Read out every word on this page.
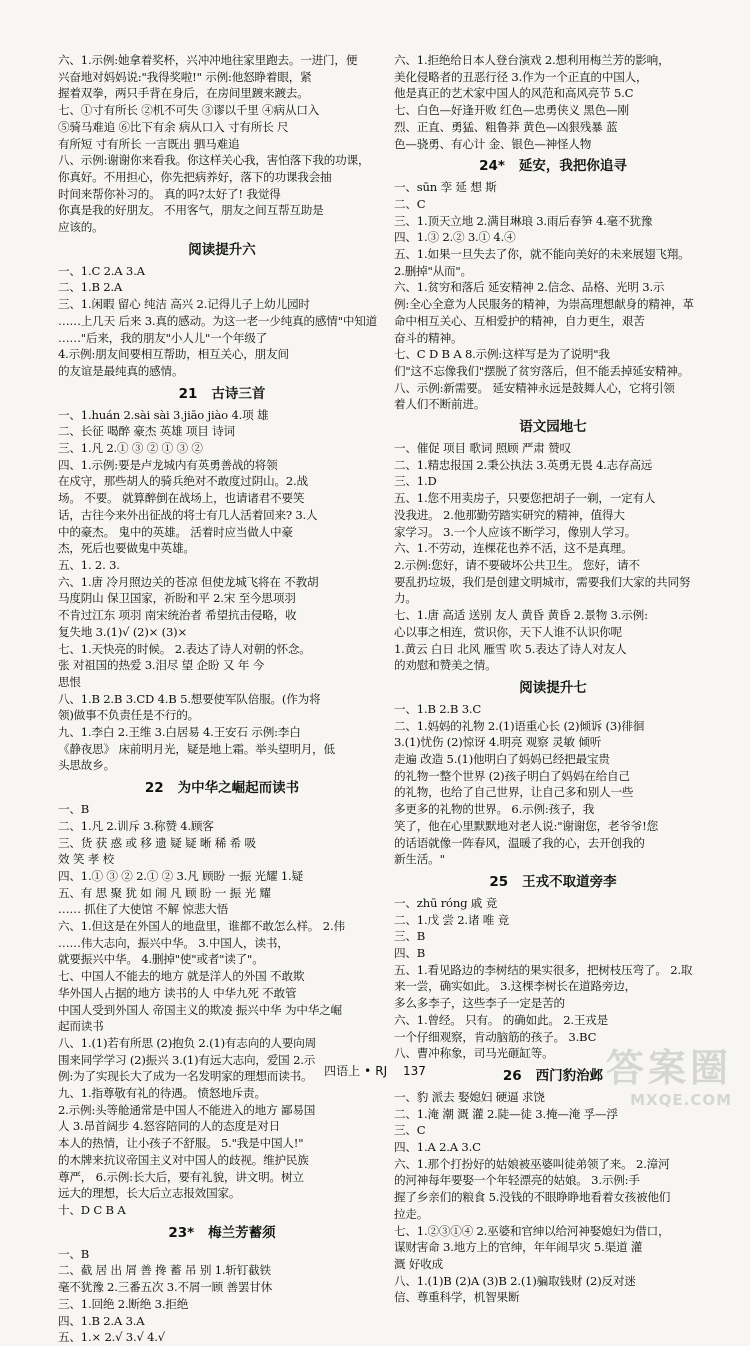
六、1.示例:她拿着奖杯，兴冲冲地往家里跑去。一进门，便
兴奋地对妈妈说:"我得奖啦!" 示例:他怒睁着眼，紧
握着双拳，两只手背在身后，在房间里踱来踱去。
七、①寸有所长 ②机不可失 ③谬以千里 ④病从口入
⑤骑马难追 ⑥比下有余 病从口入 寸有所长 尺
有所短 寸有所长 一言既出 驷马难追
八、示例:谢谢你来看我。你这样关心我，害怕落下我的功课，
你真好。不用担心，你先把病养好，落下的功课我会抽
时间来帮你补习的。 真的吗?太好了! 我觉得
你真是我的好朋友。 不用客气，朋友之间互帮互助是
应该的。
阅读提升六
一、1.C 2.A 3.A
二、1.B 2.A
三、1.闲暇 留心 纯洁 高兴 2.记得儿子上幼儿园时
……上几天 后来 3.真的感动。为这一老一少纯真的感情"中知道
……"后来，我的朋友"小人儿"一个年级了
4.示例:朋友间要相互帮助，相互关心，朋友间
的友谊是最纯真的感情。
21 古诗三首
一、1.huán 2.sài sài 3.jiāo jiào 4.项 雄
二、长征 喝醉 豪杰 英雄 项目 诗词
三、1.凡 2.① ③ ② ① ③ ②
四、1.示例:要是卢龙城内有英勇善战的将领
在戍守，那些胡人的骑兵绝对不敢度过阴山。2.战
场。 不要。 就算醉倒在战场上，也请诸君不要笑
话，古往今来外出征战的将士有几人活着回来? 3.人
中的豪杰。 鬼中的英雄。 活着时应当做人中豪
杰，死后也要做鬼中英雄。
五、1. 2. 3.
六、1.唐 冷月照边关的苍凉 但使龙城飞将在 不教胡
马度阴山 保卫国家，祈盼和平 2.宋 至今思项羽
不肯过江东 项羽 南宋统治者 希望抗击侵略，收
复失地 3.(1)√ (2)× (3)×
七、1.天快亮的时候。 2.表达了诗人对朝的怀念。
张 对祖国的热爱 3.泪尽 望 企盼 又 年 今
思恨
八、1.B 2.B 3.CD 4.B 5.想要使军队倍服。(作为将
领)做事不负责任是不行的。
九、1.李白 2.王维 3.白居易 4.王安石 示例:李白
《静夜思》 床前明月光，疑是地上霜。举头望明月，低
头思故乡。
22 为中华之崛起而读书
一、B
二、1.凡 2.训斥 3.称赞 4.顾客
三、货 获 惑 或 移 遗 疑 疑 晰 稀 希 吸
效 笑 孝 校
四、1.① ③ ② 2.① ② 3.凡 顾盼 一振 光耀 1.疑
五、有 思 聚 犹 如 闹 凡 顾 盼 一 振 光 耀
…… 抓住了大使馆 不解 惊悲大悟
六、1.但这是在外国人的地盘里，谁都不敢怎么样。 2.伟
……伟大志向，振兴中华。 3.中国人，读书，
就要振兴中华。 4.删掉"使"或者"读了"。
七、中国人不能去的地方 就是洋人的外国 不敢欺
华外国人占据的地方 读书的人 中华九死 不敢管
中国人受到外国人 帝国主义的欺凌 振兴中华 为中华之崛
起而读书
八、1.(1)若有所思 (2)抱负 2.(1)有志向的人要向周
围来同学学习 (2)振兴 3.(1)有远大志向，爱国 2.示
例:为了实现长大了成为一名发明家的理想而读书。
九、1.指尊敬有礼的待遇。 愤怒地斥责。
2.示例:头等舱通常是中国人不能进入的地方 鄙易国
人 3.昂首阔步 4.怒容陪同的人的态度是对日
本人的热情，让小孩子不舒服。 5."我是中国人!"
的木牌来抗议帝国主义对中国人的歧视。维护民族
尊严， 6.示例:长大后，要有礼貌，讲文明。树立
远大的理想，长大后立志报效国家。
十、D C B A
23* 梅兰芳蓄须
一、B
二、截 居 出 屑 善 搀 蓄 吊 别 1.斩钉截铁
毫不犹豫 2.三番五次 3.不屑一顾 善罢甘休
三、1.回绝 2.断绝 3.拒绝
四、1.B 2.A 3.A
五、1.× 2.√ 3.√ 4.√
六、1.拒绝给日本人登台演戏 2.想利用梅兰芳的影响，
美化侵略者的丑恶行径 3.作为一个正直的中国人，
他是真正的艺术家中国人的风范和高风亮节 5.C
七、白色—好逢开败 红色—忠勇侠义 黑色—刚
烈、正直、勇猛、粗鲁莽 黄色—凶狠残暴 蓝
色—骁勇、有心计 金、银色—神怪人物
24* 延安，我把你追寻
一、sūn 孪 延 想 斯
二、C
三、1.顶天立地 2.满目琳琅 3.雨后春笋 4.毫不犹豫
四、1.③ 2.② 3.① 4.④
五、1.如果一旦失去了你，就不能向美好的未来展翅飞翔。
2.删掉"从而"。
六、1.贫穷和落后 延安精神 2.信念、品格、光明 3.示
例:全心全意为人民服务的精神，为崇高理想献身的精神，革
命中相互关心、互相爱护的精神，自力更生，艰苦
奋斗的精神。
七、C D B A 8.示例:这样写是为了说明"我
们"这不忘像我们"摆脱了贫穷落后，但不能丢掉延安精神。
八、示例:新需要。 延安精神永远是鼓舞人心，它将引领
着人们不断前进。
语文园地七
一、催促 项目 歌词 照顾 严肃 赞叹
二、1.精忠报国 2.秉公执法 3.英勇无畏 4.志存高远
三、1.D
五、1.您不用卖房子，只要您把胡子一剃，一定有人
没我进。 2.他那勤劳踏实研究的精神，值得大
家学习。 3.一个人应该不断学习，像别人学习。
六、1.不劳动，连棵花也养不活，这不是真理。
2.示例:您好，请不要破坏公共卫生。 您好，请不
要乱扔垃圾，我们是创建文明城市，需要我们大家的共同努
力。
七、1.唐 高适 送别 友人 黄昏 黄昏 2.景物 3.示例:
心以事之相连，赏识你，天下人谁不认识你呢
1.黄云 白日 北风 雁雪 吹 5.表达了诗人对友人
的劝慰和赞美之情。
阅读提升七
一、1.B 2.B 3.C
二、1.妈妈的礼物 2.(1)语重心长 (2)倾诉 (3)徘徊
3.(1)忧伤 (2)惊讶 4.明亮 观察 灵敏 倾听
走遍 改造 5.(1)他明白了妈妈已经把最宝贵
的礼物一整个世界 (2)孩子明白了妈妈在给自己
的礼物，也给了自己世界，让自己多和别人一些
多更多的礼物的世界。 6.示例:孩子，我
笑了，他在心里默默地对老人说:"谢谢您，老爷爷!您
的话语就像一阵春风，温暖了我的心，去开创我的
新生活。"
25 王戎不取道旁李
一、zhū róng 戚 竞
二、1.戊 尝 2.诸 唯 竞
三、B
四、B
五、1.看见路边的李树结的果实很多，把树枝压弯了。 2.取
来一尝，确实如此。 3.这棵李树长在道路旁边，
多么多李子，这些李子一定是苦的
六、1.曾经。 只有。 的确如此。 2.王戎是
一个仔细观察，肯动脑筋的孩子。 3.BC
八、曹冲称象，司马光砸缸等。
26 西门豹治邺
一、豹 派去 娶媳妇 硬逼 求饶
二、1.淹 潮 溉 灌 2.陡—徒 3.掩—淹 孚—浮
三、C
四、1.A 2.A 3.C
六、1.那个打扮好的姑娘被巫婆叫徒弟领了来。 2.漳河
的河神每年要娶一个年轻漂亮的姑娘。 3.示例:手
握了乡亲们的粮食 5.没钱的不眼睁睁地看着女孩被他们
拉走。
七、1.②③①④ 2.巫婆和官绅以给河神娶媳妇为借口，
谋财害命 3.地方上的官绅，年年闹旱灾 5.渠道 灌
溉 好收成
八、1.(1)B (2)A (3)B 2.(1)骗取钱财 (2)反对迷
信、尊重科学，机智果断
四语上 • RJ 137	答案圈
MXQE.COM
